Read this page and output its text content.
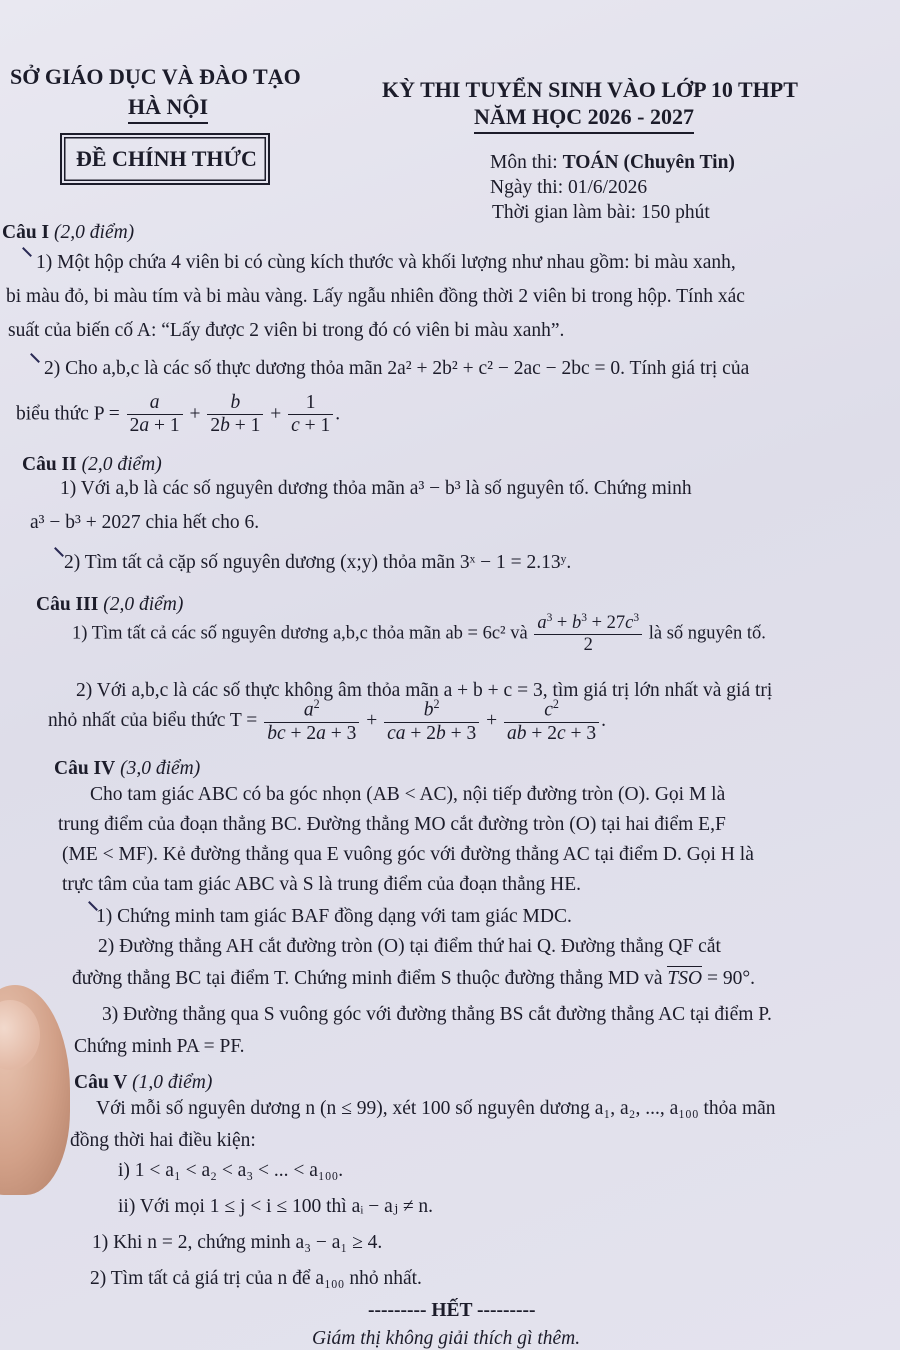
SỞ GIÁO DỤC VÀ ĐÀO TẠO
HÀ NỘI
KỲ THI TUYỂN SINH VÀO LỚP 10 THPT
NĂM HỌC 2026 - 2027
ĐỀ CHÍNH THỨC	Môn thi: TOÁN (Chuyên Tin)
Ngày thi: 01/6/2026
Thời gian làm bài: 150 phút
Câu I (2,0 điểm)
1) Một hộp chứa 4 viên bi có cùng kích thước và khối lượng như nhau gồm: bi màu xanh,
bi màu đỏ, bi màu tím và bi màu vàng. Lấy ngẫu nhiên đồng thời 2 viên bi trong hộp. Tính xác
suất của biến cố A: “Lấy được 2 viên bi trong đó có viên bi màu xanh”.
2) Cho a,b,c là các số thực dương thỏa mãn 2a² + 2b² + c² − 2ac − 2bc = 0. Tính giá trị của
biểu thức $P = \frac{a}{2a + 1} + \frac{b}{2b + 1} + \frac{1}{c + 1}$ .
Câu II (2,0 điểm)
1) Với a,b là các số nguyên dương thỏa mãn a³ − b³ là số nguyên tố. Chứng minh
a³ − b³ + 2027 chia hết cho 6.
2) Tìm tất cả cặp số nguyên dương (x;y) thỏa mãn 3ˣ − 1 = 2.13ʸ.
Câu III (2,0 điểm)
1) Tìm tất cả các số nguyên dương a,b,c thỏa mãn ab = 6c² và $\frac{a^3 + b^3 + 27c^3}{2}$ là số nguyên tố.
2) Với a,b,c là các số thực không âm thỏa mãn a + b + c = 3, tìm giá trị lớn nhất và giá trị
nhỏ nhất của biểu thức $T = \frac{a^2}{bc + 2a + 3} + \frac{b^2}{ca + 2b + 3} + \frac{c^2}{ab + 2c + 3}$ .
Câu IV (3,0 điểm)
Cho tam giác ABC có ba góc nhọn (AB < AC), nội tiếp đường tròn (O). Gọi M là
trung điểm của đoạn thẳng BC. Đường thẳng MO cắt đường tròn (O) tại hai điểm E,F
(ME < MF). Kẻ đường thẳng qua E vuông góc với đường thẳng AC tại điểm D. Gọi H là
trực tâm của tam giác ABC và S là trung điểm của đoạn thẳng HE.
1) Chứng minh tam giác BAF đồng dạng với tam giác MDC.
2) Đường thẳng AH cắt đường tròn (O) tại điểm thứ hai Q. Đường thẳng QF cắt
đường thẳng BC tại điểm T. Chứng minh điểm S thuộc đường thẳng MD và TSO = 90°.
3) Đường thẳng qua S vuông góc với đường thẳng BS cắt đường thẳng AC tại điểm P.
Chứng minh PA = PF.
Câu V (1,0 điểm)
Với mỗi số nguyên dương n (n ≤ 99), xét 100 số nguyên dương a₁, a₂, ..., a₁₀₀ thỏa mãn
đồng thời hai điều kiện:
i) 1 < a₁ < a₂ < a₃ < ... < a₁₀₀.
ii) Với mọi 1 ≤ j < i ≤ 100 thì aᵢ − aⱼ ≠ n.
1) Khi n = 2, chứng minh a₃ − a₁ ≥ 4.
2) Tìm tất cả giá trị của n để a₁₀₀ nhỏ nhất.
--------- HẾT ---------
Giám thị không giải thích gì thêm.
